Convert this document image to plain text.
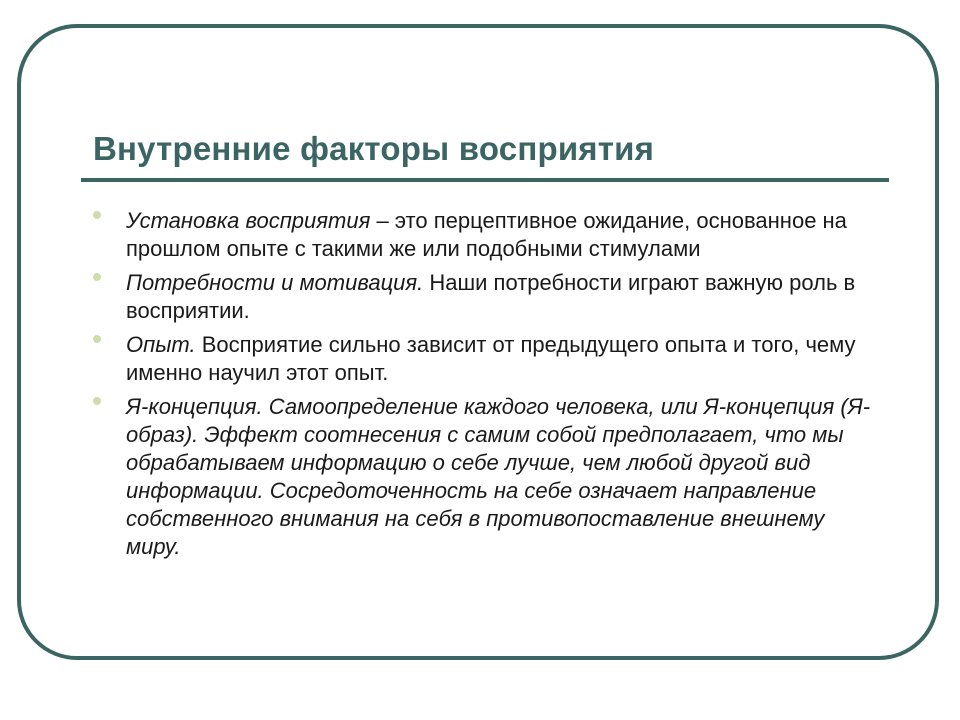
Внутренние факторы восприятия
Установка восприятия – это перцептивное ожидание, основанное на прошлом опыте с такими же или подобными стимулами
Потребности и мотивация. Наши потребности играют важную роль в восприятии.
Опыт. Восприятие сильно зависит от предыдущего опыта и того, чему именно научил этот опыт.
Я-концепция. Самоопределение каждого человека, или Я-концепция (Я-образ). Эффект соотнесения с самим собой предполагает, что мы обрабатываем информацию о себе лучше, чем любой другой вид информации. Сосредоточенность на себе означает направление собственного внимания на себя в противопоставление внешнему миру.
